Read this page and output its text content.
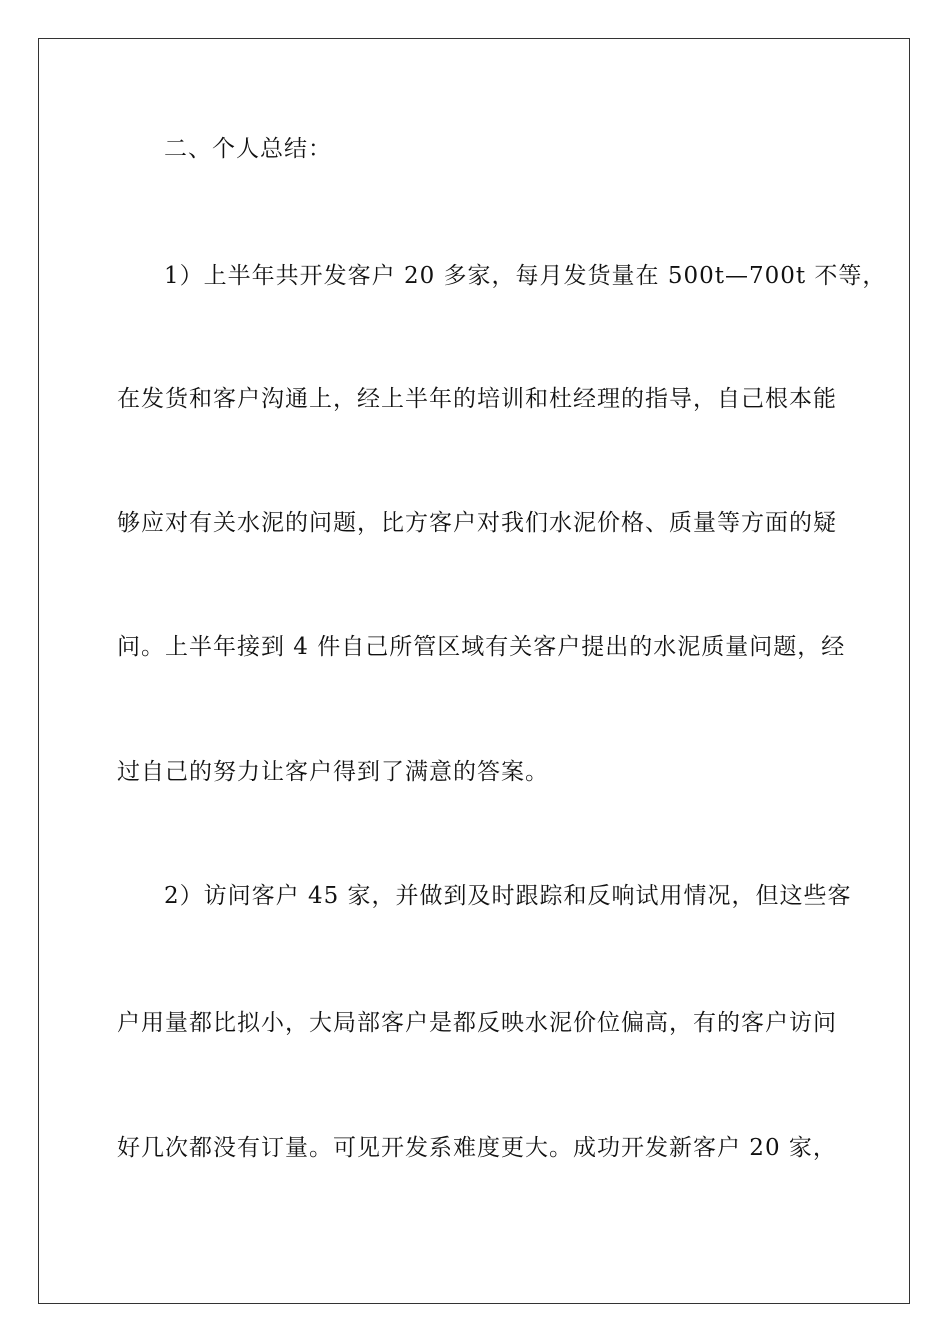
二、个人总结：
1）上半年共开发客户 20 多家，每月发货量在 500t—700t 不等，
在发货和客户沟通上，经上半年的培训和杜经理的指导，自己根本能
够应对有关水泥的问题，比方客户对我们水泥价格、质量等方面的疑
问。上半年接到 4 件自己所管区域有关客户提出的水泥质量问题，经
过自己的努力让客户得到了满意的答案。
2）访问客户 45 家，并做到及时跟踪和反响试用情况，但这些客
户用量都比拟小，大局部客户是都反映水泥价位偏高，有的客户访问
好几次都没有订量。可见开发系难度更大。成功开发新客户 20 家，
